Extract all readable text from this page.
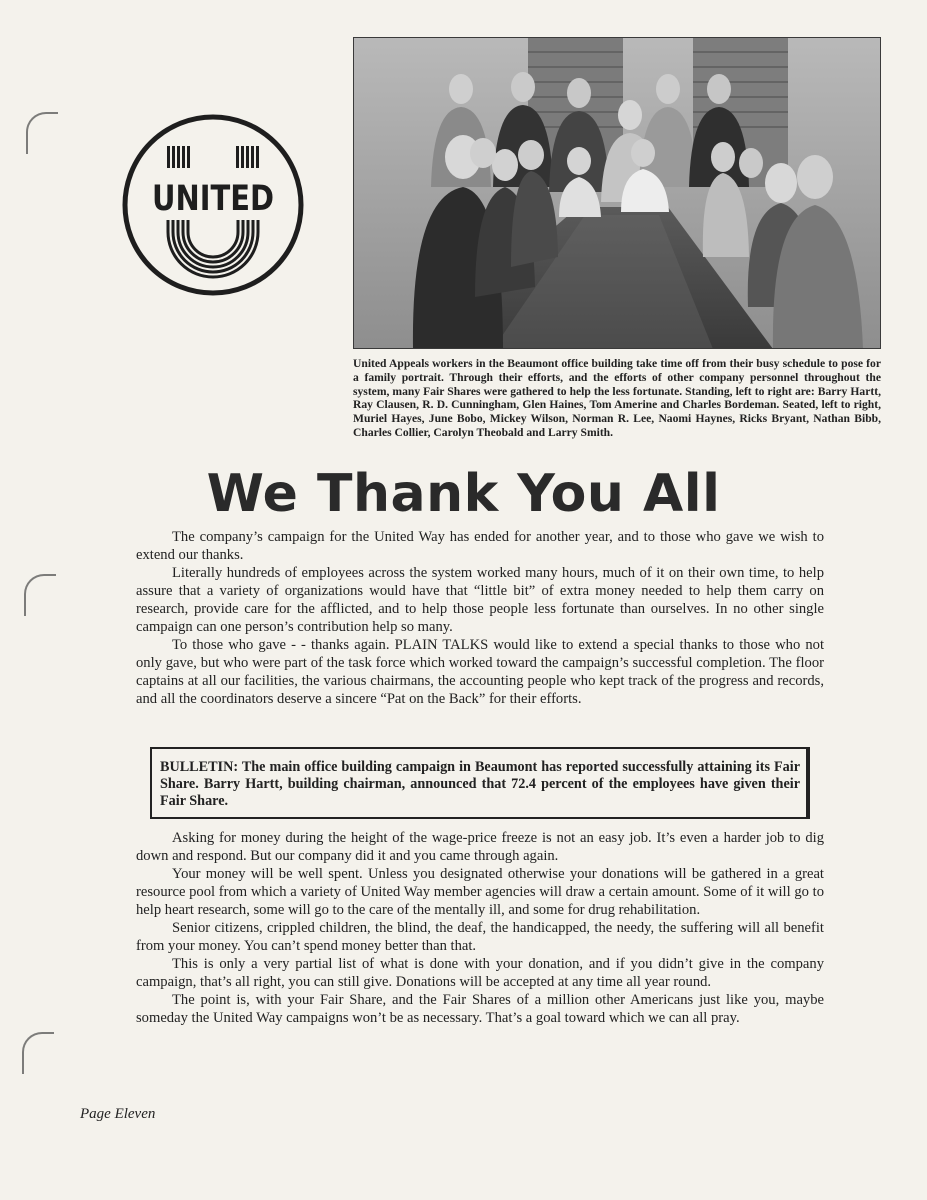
UNITED

United Appeals workers in the Beaumont office building take time off from their busy schedule to pose for a family portrait. Through their efforts, and the efforts of other company personnel throughout the system, many Fair Shares were gathered to help the less fortunate. Standing, left to right are: Barry Hartt, Ray Clausen, R. D. Cunningham, Glen Haines, Tom Amerine and Charles Bordeman. Seated, left to right, Muriel Hayes, June Bobo, Mickey Wilson, Norman R. Lee, Naomi Haynes, Ricks Bryant, Nathan Bibb, Charles Collier, Carolyn Theobald and Larry Smith.

We Thank You All

The company’s campaign for the United Way has ended for another year, and to those who gave we wish to extend our thanks.

Literally hundreds of employees across the system worked many hours, much of it on their own time, to help assure that a variety of organizations would have that “little bit” of extra money needed to help them carry on research, provide care for the afflicted, and to help those people less fortunate than ourselves. In no other single campaign can one person’s contribution help so many.

To those who gave - - thanks again. PLAIN TALKS would like to extend a special thanks to those who not only gave, but who were part of the task force which worked toward the campaign’s successful completion. The floor captains at all our facilities, the various chairmans, the accounting people who kept track of the progress and records, and all the coordinators deserve a sincere “Pat on the Back” for their efforts.

BULLETIN: The main office building campaign in Beaumont has reported successfully attaining its Fair Share. Barry Hartt, building chairman, announced that 72.4 percent of the employees have given their Fair Share.

Asking for money during the height of the wage-price freeze is not an easy job. It’s even a harder job to dig down and respond. But our company did it and you came through again.

Your money will be well spent. Unless you designated otherwise your donations will be gathered in a great resource pool from which a variety of United Way member agencies will draw a certain amount. Some of it will go to help heart research, some will go to the care of the mentally ill, and some for drug rehabilitation.

Senior citizens, crippled children, the blind, the deaf, the handicapped, the needy, the suffering will all benefit from your money. You can’t spend money better than that.

This is only a very partial list of what is done with your donation, and if you didn’t give in the company campaign, that’s all right, you can still give. Donations will be accepted at any time all year round.

The point is, with your Fair Share, and the Fair Shares of a million other Americans just like you, maybe someday the United Way campaigns won’t be as necessary. That’s a goal toward which we can all pray.

Page Eleven
